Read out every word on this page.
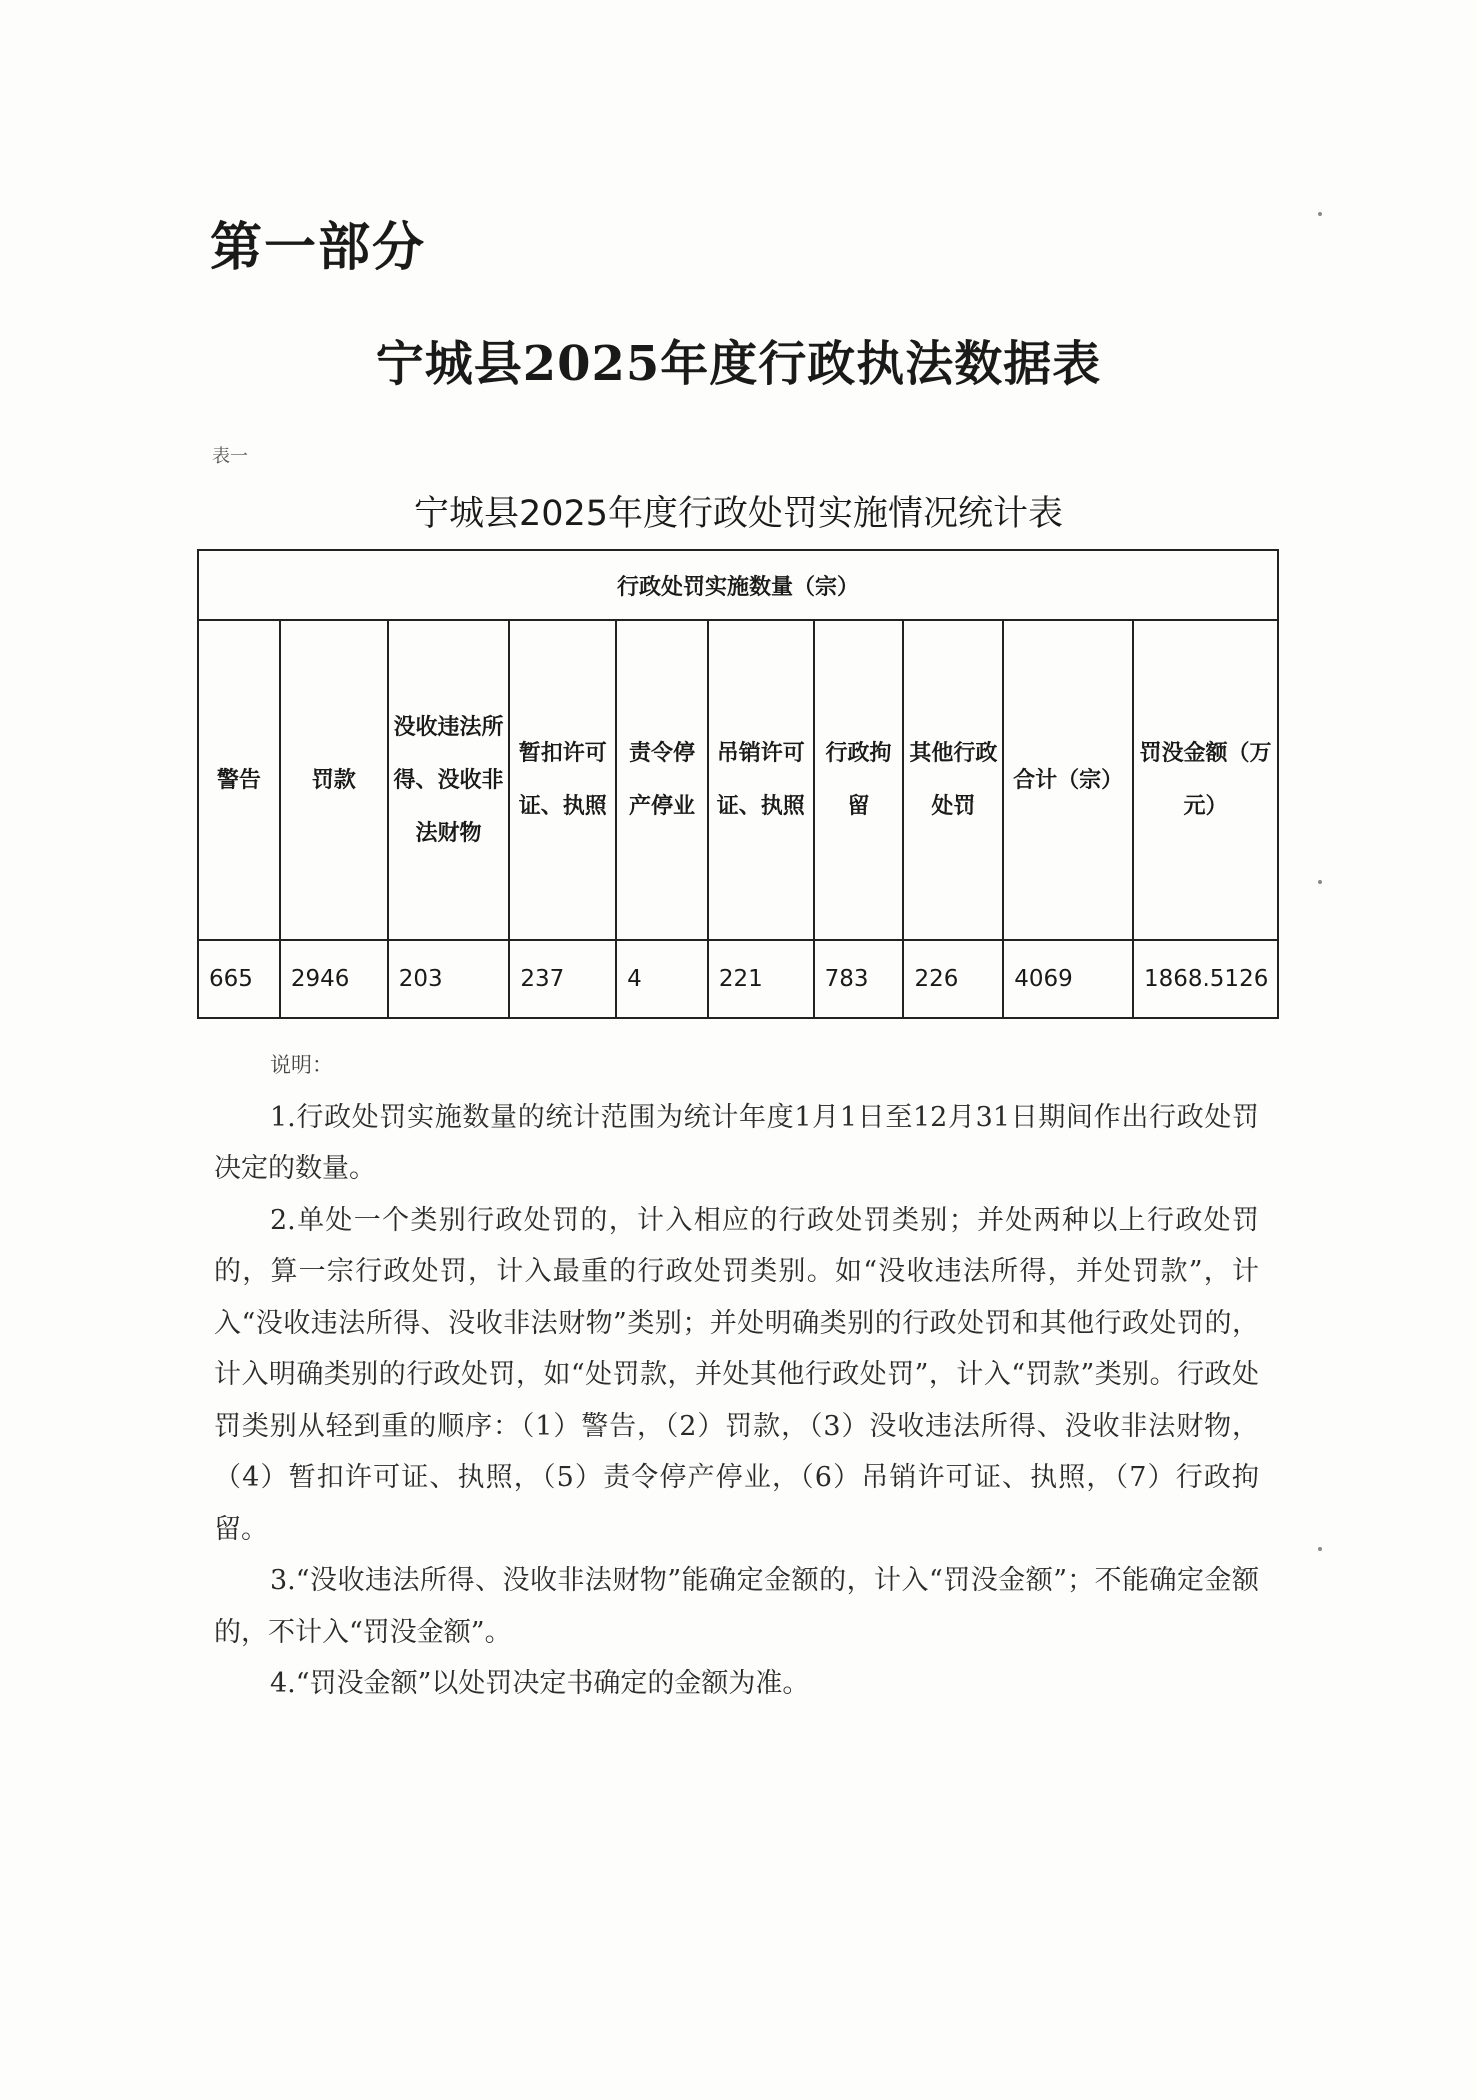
第一部分
宁城县2025年度行政执法数据表
表一
宁城县2025年度行政处罚实施情况统计表
行政处罚实施数量（宗）									
警告	罚款	没收违法所得、没收非法财物	暂扣许可证、执照	责令停产停业	吊销许可证、执照	行政拘留	其他行政处罚	合计（宗）	罚没金额（万元）
665	2946	203	237	4	221	783	226	4069	1868.5126
说明：

1.行政处罚实施数量的统计范围为统计年度1月1日至12月31日期间作出行政处罚决定的数量。

2.单处一个类别行政处罚的，计入相应的行政处罚类别；并处两种以上行政处罚的，算一宗行政处罚，计入最重的行政处罚类别。如“没收违法所得，并处罚款”，计入“没收违法所得、没收非法财物”类别；并处明确类别的行政处罚和其他行政处罚的，计入明确类别的行政处罚，如“处罚款，并处其他行政处罚”，计入“罚款”类别。行政处罚类别从轻到重的顺序：（1）警告，（2）罚款，（3）没收违法所得、没收非法财物，（4）暂扣许可证、执照，（5）责令停产停业，（6）吊销许可证、执照，（7）行政拘留。

3.“没收违法所得、没收非法财物”能确定金额的，计入“罚没金额”；不能确定金额的，不计入“罚没金额”。

4.“罚没金额”以处罚决定书确定的金额为准。
